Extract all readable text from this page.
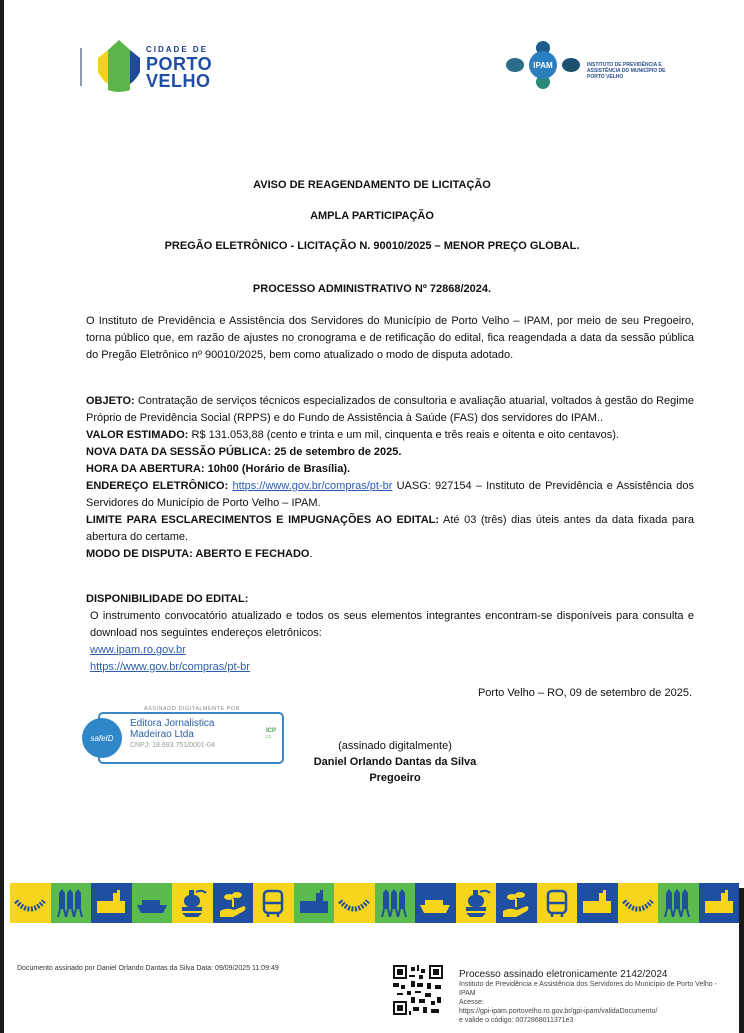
CIDADE DE
PORTO
VELHO
IPAM	INSTITUTO DE PREVIDÊNCIA E ASSISTÊNCIA DO MUNICÍPIO DE PORTO VELHO
AVISO DE REAGENDAMENTO DE LICITAÇÃO
AMPLA PARTICIPAÇÃO
PREGÃO ELETRÔNICO - LICITAÇÃO N. 90010/2025 – MENOR PREÇO GLOBAL.
PROCESSO ADMINISTRATIVO Nº 72868/2024.
O Instituto de Previdência e Assistência dos Servidores do Município de Porto Velho – IPAM, por meio de seu Pregoeiro, torna público que, em razão de ajustes no cronograma e de retificação do edital, fica reagendada a data da sessão pública do Pregão Eletrônico nº 90010/2025, bem como atualizado o modo de disputa adotado.

OBJETO: Contratação de serviços técnicos especializados de consultoria e avaliação atuarial, voltados à gestão do Regime Próprio de Previdência Social (RPPS) e do Fundo de Assistência à Saúde (FAS) dos servidores do IPAM..

VALOR ESTIMADO: R$ 131.053,88 (cento e trinta e um mil, cinquenta e três reais e oitenta e oito centavos).

NOVA DATA DA SESSÃO PÚBLICA: 25 de setembro de 2025.

HORA DA ABERTURA: 10h00 (Horário de Brasília).

ENDEREÇO ELETRÔNICO: https://www.gov.br/compras/pt-br UASG: 927154 – Instituto de Previdência e Assistência dos Servidores do Município de Porto Velho – IPAM.

LIMITE PARA ESCLARECIMENTOS E IMPUGNAÇÕES AO EDITAL: Até 03 (três) dias úteis antes da data fixada para abertura do certame.

MODO DE DISPUTA: ABERTO E FECHADO.

DISPONIBILIDADE DO EDITAL:

O instrumento convocatório atualizado e todos os seus elementos integrantes encontram-se disponíveis para consulta e download nos seguintes endereços eletrônicos:

www.ipam.ro.gov.br

https://www.gov.br/compras/pt-br

Porto Velho – RO, 09 de setembro de 2025.
ASSINADO DIGITALMENTE POR
safeID
Editora Jornalistica
Madeirao Ltda
CNPJ: 18.693.751/0001-04
ICP
▭
(assinado digitalmente)
Daniel Orlando Dantas da Silva
Pregoeiro
Documento assinado por Daniel Orlando Dantas da Silva Data: 09/09/2025 11:09:49
Processo assinado eletronicamente 2142/2024
Instituto de Previdência e Assistência dos Servidores do Município de Porto Velho - IPAM
Acesse:
https://gpi-ipam.portovelho.ro.gov.br/gpi-ipam/validaDocumento/
e valide o código: 0072868011371e3
